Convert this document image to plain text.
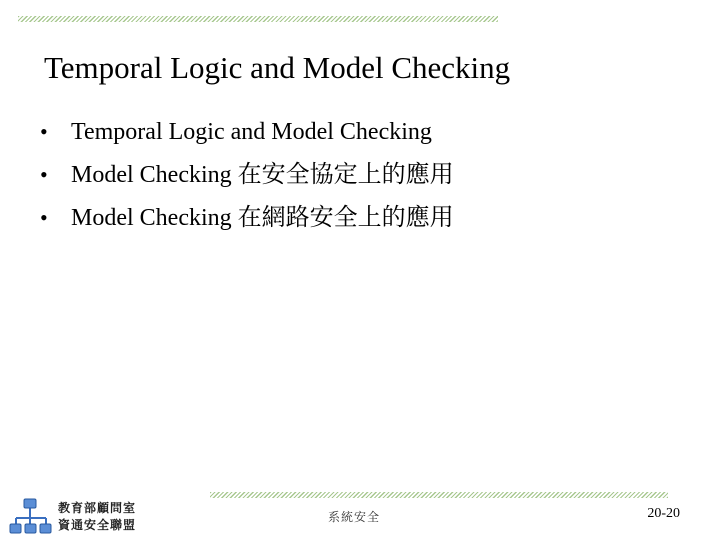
Temporal Logic and Model Checking
• Temporal Logic and Model Checking
• Model Checking 在安全協定上的應用
• Model Checking 在網路安全上的應用
教育部顧問室
資通安全聯盟
系統安全	20-20
